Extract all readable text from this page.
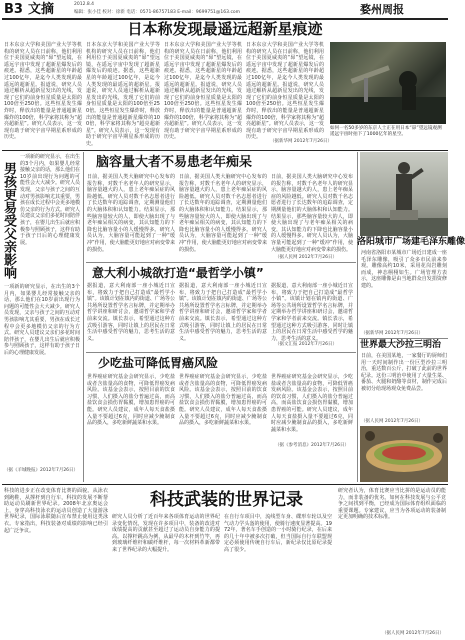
B3 文摘	2012.8.4
编辑：张小佳 校对：徐新 电话：0571-86757183 E-mail：9699751@163.com	婺州周报
日本称发现最遥远超新星痕迹
日本东京大学和美国产业大学等机构的研究人员在日前称，他们利用位于美国夏威夷的“昴”望远镜，在遥远宇宙中发现了超新星爆发后的痕迹。据悉，这些超新星的年龄超过100亿年，是迄今人类发现的最遥远的超新星。报道说，研究人员通过解析从超新星发出的光线，发现了它们的前身恒星质量是太阳的100倍至250倍。这些恒星发生爆炸时，释放出的能量是普通超新星爆炸的100倍，科学家将其称为“超亮超新星”。研究人员表示，这一发现有助于研究宇宙早期星系形成的历史。
日本东京大学和美国产业大学等机构的研究人员在日前称，他们利用位于美国夏威夷的“昴”望远镜，在遥远宇宙中发现了超新星爆发后的痕迹。据悉，这些超新星的年龄超过100亿年，是迄今人类发现的最遥远的超新星。报道说，研究人员通过解析从超新星发出的光线，发现了它们的前身恒星质量是太阳的100倍至250倍。这些恒星发生爆炸时，释放出的能量是普通超新星爆炸的100倍，科学家将其称为“超亮超新星”。研究人员表示，这一发现有助于研究宇宙早期星系形成的历史。
日本东京大学和美国产业大学等机构的研究人员在日前称，他们利用位于美国夏威夷的“昴”望远镜，在遥远宇宙中发现了超新星爆发后的痕迹。据悉，这些超新星的年龄超过100亿年，是迄今人类发现的最遥远的超新星。报道说，研究人员通过解析从超新星发出的光线，发现了它们的前身恒星质量是太阳的100倍至250倍。这些恒星发生爆炸时，释放出的能量是普通超新星爆炸的100倍，科学家将其称为“超亮超新星”。研究人员表示，这一发现有助于研究宇宙早期星系形成的历史。
日本东京大学和美国产业大学等机构的研究人员在日前称，他们利用位于美国夏威夷的“昴”望远镜，在遥远宇宙中发现了超新星爆发后的痕迹。据悉，这些超新星的年龄超过100亿年，是迄今人类发现的最遥远的超新星。报道说，研究人员通过解析从超新星发出的光线，发现了它们的前身恒星质量是太阳的100倍至250倍。这些恒星发生爆炸时，释放出的能量是普通超新星爆炸的100倍，科学家将其称为“超亮超新星”。研究人员表示，这一发现有助于研究宇宙早期星系形成的历史。
（据新华网 2012年7月26日）
如何一名50多岁的东京人士正在用日本“昴”望远镜观测遥远宇宙时拍下了1000亿年的星空。
男孩更易受父亲影响
一项新的研究显示，在出生的3个月内，如果婴儿经常接触父亲的话，那么他们在10岁前出现行为问题的可能性会大大减少。研究人员发现，父亲与孩子之间的互动对男孩影响尤其重要，男孩在成长过程中会更多地模仿父亲的行为方式。研究人员建议父亲们多花时间陪伴孩子，在婴儿出生后就应积极参与照顾孩子，这样有助于孩子日后的心理健康发展。
一项新的研究显示，在出生的3个月内，如果婴儿经常接触父亲的话，那么他们在10岁前出现行为问题的可能性会大大减少。研究人员发现，父亲与孩子之间的互动对男孩影响尤其重要，男孩在成长过程中会更多地模仿父亲的行为方式。研究人员建议父亲们多花时间陪伴孩子，在婴儿出生后就应积极参与照顾孩子，这样有助于孩子日后的心理健康发展。
（据《羊城晚报》2012年7月26日）
脑容量大者不易患老年痴呆
日前，据美国人类大脑研究中心发布的报告称，对数千名老年人的研究显示，脑容量越大的人，患上老年痴呆症的风险越低。研究人员对数千名志愿者进行了长达数年的追踪调查，定期测量他们的大脑体积和认知能力。结果显示，那些脑容量较大的人，即使大脑出现了与老年痴呆相关的病变，其认知能力的下降也比脑容量小的人缓慢得多。研究人员认为，大脑容量可能起到了一种“缓冲”作用，使大脑能更好地应对病变带来的损伤。
日前，据美国人类大脑研究中心发布的报告称，对数千名老年人的研究显示，脑容量越大的人，患上老年痴呆症的风险越低。研究人员对数千名志愿者进行了长达数年的追踪调查，定期测量他们的大脑体积和认知能力。结果显示，那些脑容量较大的人，即使大脑出现了与老年痴呆相关的病变，其认知能力的下降也比脑容量小的人缓慢得多。研究人员认为，大脑容量可能起到了一种“缓冲”作用，使大脑能更好地应对病变带来的损伤。
日前，据美国人类大脑研究中心发布的报告称，对数千名老年人的研究显示，脑容量越大的人，患上老年痴呆症的风险越低。研究人员对数千名志愿者进行了长达数年的追踪调查，定期测量他们的大脑体积和认知能力。结果显示，那些脑容量较大的人，即使大脑出现了与老年痴呆相关的病变，其认知能力的下降也比脑容量小的人缓慢得多。研究人员认为，大脑容量可能起到了一种“缓冲”作用，使大脑能更好地应对病变带来的损伤。
（据人民网 2012年7月26日）
意大利小城欲打造“最哲学小镇”
据报道，意大利南部一座小城近日宣布，将致力于把自己打造成“最哲学小镇”。该镇计划在镇内的街道、广场等公共场所设置哲学名言标牌，并定期举办哲学讲座和研讨会，邀请哲学家和学者前来交流。镇长表示，希望通过这种方式吸引游客，同时让镇上的居民在日常生活中感受哲学的魅力，思考生活的意义。
据报道，意大利南部一座小城近日宣布，将致力于把自己打造成“最哲学小镇”。该镇计划在镇内的街道、广场等公共场所设置哲学名言标牌，并定期举办哲学讲座和研讨会，邀请哲学家和学者前来交流。镇长表示，希望通过这种方式吸引游客，同时让镇上的居民在日常生活中感受哲学的魅力，思考生活的意义。
据报道，意大利南部一座小城近日宣布，将致力于把自己打造成“最哲学小镇”。该镇计划在镇内的街道、广场等公共场所设置哲学名言标牌，并定期举办哲学讲座和研讨会，邀请哲学家和学者前来交流。镇长表示，希望通过这种方式吸引游客，同时让镇上的居民在日常生活中感受哲学的魅力，思考生活的意义。
（据文汇报 2012年7月26日）
少吃盐可降低胃癌风险
世界癌症研究基金会研究显示，少吃盐或者含盐量高的食物，可降低胃癌发病风险。该基金会表示，按照目前的饮食习惯，人们摄入的盐分普遍过高，而高盐饮食会损伤胃黏膜，增加患胃癌的可能。研究人员建议，成年人每天食盐摄入量不要超过6克，同时应减少腌制食品的摄入，多吃新鲜蔬菜和水果。
世界癌症研究基金会研究显示，少吃盐或者含盐量高的食物，可降低胃癌发病风险。该基金会表示，按照目前的饮食习惯，人们摄入的盐分普遍过高，而高盐饮食会损伤胃黏膜，增加患胃癌的可能。研究人员建议，成年人每天食盐摄入量不要超过6克，同时应减少腌制食品的摄入，多吃新鲜蔬菜和水果。
世界癌症研究基金会研究显示，少吃盐或者含盐量高的食物，可降低胃癌发病风险。该基金会表示，按照目前的饮食习惯，人们摄入的盐分普遍过高，而高盐饮食会损伤胃黏膜，增加患胃癌的可能。研究人员建议，成年人每天食盐摄入量不要超过6克，同时应减少腌制食品的摄入，多吃新鲜蔬菜和水果。
（据《参考消息》2012年7月26日）
洛阳城市广场建毛泽东雕像
河南省洛阳市某城市广场近日建成一座毛泽东雕像，吸引了众多市民前来参观。雕像高约10米，采用花岗岩雕刻而成，神态栩栩如生。广场管理方表示，这座雕像是由当地群众自发捐资修建的。
（据新华网 2012年7月26日）
世界最大沙拉三明治
日前，在美国某地，一家餐厅的厨师们用一天时间制作出一份巨型沙拉三明治，重达数百公斤，打破了此前的世界纪录。这份三明治中使用了大量生菜、番茄、火腿和奶酪等食材，制作完成后被切分给现场观众免费品尝。
（据人民网 2012年7月26日）
科技的进步正在改变体育比赛的面貌。从泳衣到跑鞋，从撑杆到自行车，科技的发展不断帮助运动员刷新世界纪录。2008年北京奥运会上，身穿高科技泳衣的运动员创造了大量游泳世界纪录，国际泳联随后宣布禁止使用这类泳衣。专家指出，科技装备对成绩的影响已经引起广泛争议。
科技武装的世界记录
研究人员分析了近百年来各项体育运动的世界纪录变化情况，发现在许多项目中，装备的改进对成绩提高的贡献甚至超过了运动员自身能力的提高。以撑杆跳高为例，从最早的木杆到竹竿，再到玻璃纤维杆和碳纤维杆，每一次材料革新都带来了世界纪录的大幅提升。
在自行车项目中，流线型车身、碟形车轮以及空气动力学头盔的使用，使骑行速度显著提高。1972年，著名车手创造的一小时骑行纪录，在后来的几十年中被多次打破，但当国际自行车联盟规定必须使用传统自行车后，新纪录仅比原纪录提高了很少。
研究者认为，体育比赛应当比拼的是运动员的能力，而非装备的优劣。如何在科技发展与公平竞争之间找到平衡，已经成为国际体育组织面临的重要课题。专家建议，应当为各项运动的装备制定更加明确的技术标准。
（据人民网 2012年7月26日）
